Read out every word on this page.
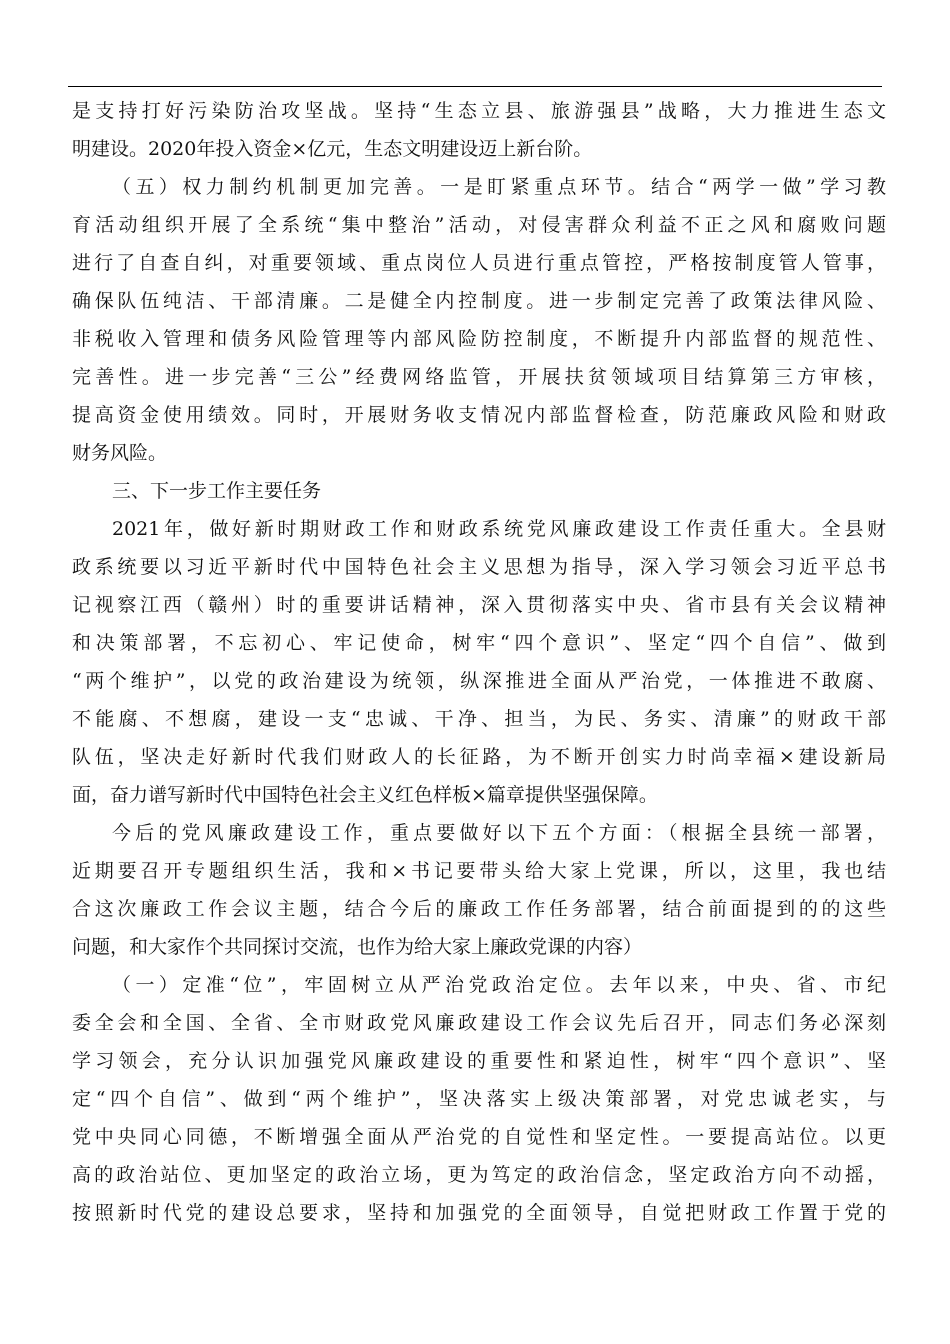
是支持打好污染防治攻坚战。坚持“生态立县、旅游强县”战略，大力推进生态文
明建设。2020年投入资金×亿元，生态文明建设迈上新台阶。
（五）权力制约机制更加完善。一是盯紧重点环节。结合“两学一做”学习教
育活动组织开展了全系统“集中整治”活动，对侵害群众利益不正之风和腐败问题
进行了自查自纠，对重要领域、重点岗位人员进行重点管控，严格按制度管人管事，
确保队伍纯洁、干部清廉。二是健全内控制度。进一步制定完善了政策法律风险、
非税收入管理和债务风险管理等内部风险防控制度，不断提升内部监督的规范性、
完善性。进一步完善“三公”经费网络监管，开展扶贫领域项目结算第三方审核，
提高资金使用绩效。同时，开展财务收支情况内部监督检查，防范廉政风险和财政
财务风险。
三、下一步工作主要任务
2021年，做好新时期财政工作和财政系统党风廉政建设工作责任重大。全县财
政系统要以习近平新时代中国特色社会主义思想为指导，深入学习领会习近平总书
记视察江西（赣州）时的重要讲话精神，深入贯彻落实中央、省市县有关会议精神
和决策部署，不忘初心、牢记使命，树牢“四个意识”、坚定“四个自信”、做到
“两个维护”，以党的政治建设为统领，纵深推进全面从严治党，一体推进不敢腐、
不能腐、不想腐，建设一支“忠诚、干净、担当，为民、务实、清廉”的财政干部
队伍，坚决走好新时代我们财政人的长征路，为不断开创实力时尚幸福×建设新局
面，奋力谱写新时代中国特色社会主义红色样板×篇章提供坚强保障。
今后的党风廉政建设工作，重点要做好以下五个方面：（根据全县统一部署，
近期要召开专题组织生活，我和×书记要带头给大家上党课，所以，这里，我也结
合这次廉政工作会议主题，结合今后的廉政工作任务部署，结合前面提到的的这些
问题，和大家作个共同探讨交流，也作为给大家上廉政党课的内容）
（一）定准“位”，牢固树立从严治党政治定位。去年以来，中央、省、市纪
委全会和全国、全省、全市财政党风廉政建设工作会议先后召开，同志们务必深刻
学习领会，充分认识加强党风廉政建设的重要性和紧迫性，树牢“四个意识”、坚
定“四个自信”、做到“两个维护”，坚决落实上级决策部署，对党忠诚老实，与
党中央同心同德，不断增强全面从严治党的自觉性和坚定性。一要提高站位。以更
高的政治站位、更加坚定的政治立场，更为笃定的政治信念，坚定政治方向不动摇，
按照新时代党的建设总要求，坚持和加强党的全面领导，自觉把财政工作置于党的
